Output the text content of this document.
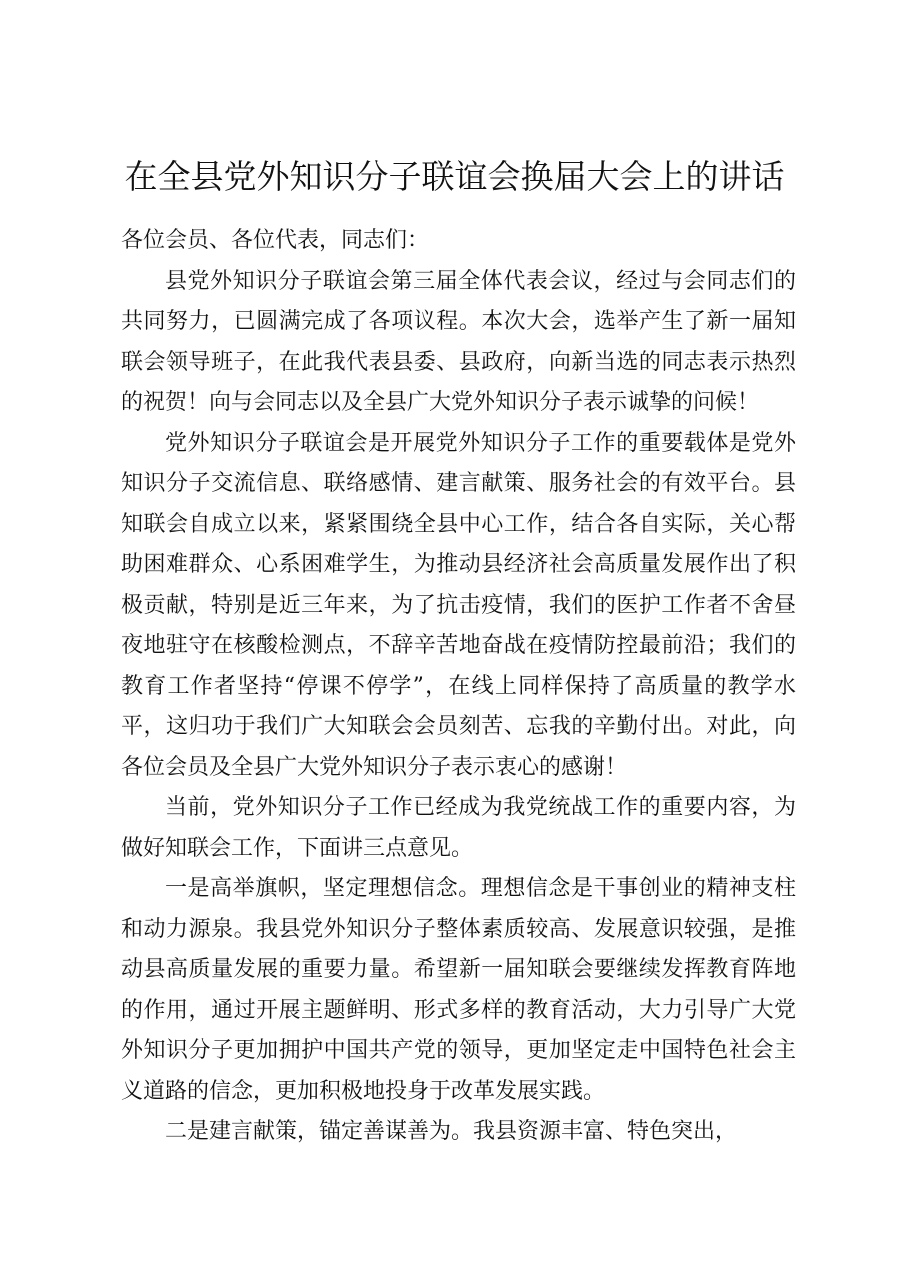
在全县党外知识分子联谊会换届大会上的讲话

各位会员、各位代表，同志们：

县党外知识分子联谊会第三届全体代表会议，经过与会同志们的共同努力，已圆满完成了各项议程。本次大会，选举产生了新一届知联会领导班子，在此我代表县委、县政府，向新当选的同志表示热烈的祝贺！向与会同志以及全县广大党外知识分子表示诚挚的问候！

党外知识分子联谊会是开展党外知识分子工作的重要载体是党外知识分子交流信息、联络感情、建言献策、服务社会的有效平台。县知联会自成立以来，紧紧围绕全县中心工作，结合各自实际，关心帮助困难群众、心系困难学生，为推动县经济社会高质量发展作出了积极贡献，特别是近三年来，为了抗击疫情，我们的医护工作者不舍昼夜地驻守在核酸检测点，不辞辛苦地奋战在疫情防控最前沿；我们的教育工作者坚持“停课不停学”，在线上同样保持了高质量的教学水平，这归功于我们广大知联会会员刻苦、忘我的辛勤付出。对此，向各位会员及全县广大党外知识分子表示衷心的感谢！

当前，党外知识分子工作已经成为我党统战工作的重要内容，为做好知联会工作，下面讲三点意见。

一是高举旗帜，坚定理想信念。理想信念是干事创业的精神支柱和动力源泉。我县党外知识分子整体素质较高、发展意识较强，是推动县高质量发展的重要力量。希望新一届知联会要继续发挥教育阵地的作用，通过开展主题鲜明、形式多样的教育活动，大力引导广大党外知识分子更加拥护中国共产党的领导，更加坚定走中国特色社会主义道路的信念，更加积极地投身于改革发展实践。

二是建言献策，锚定善谋善为。我县资源丰富、特色突出，
